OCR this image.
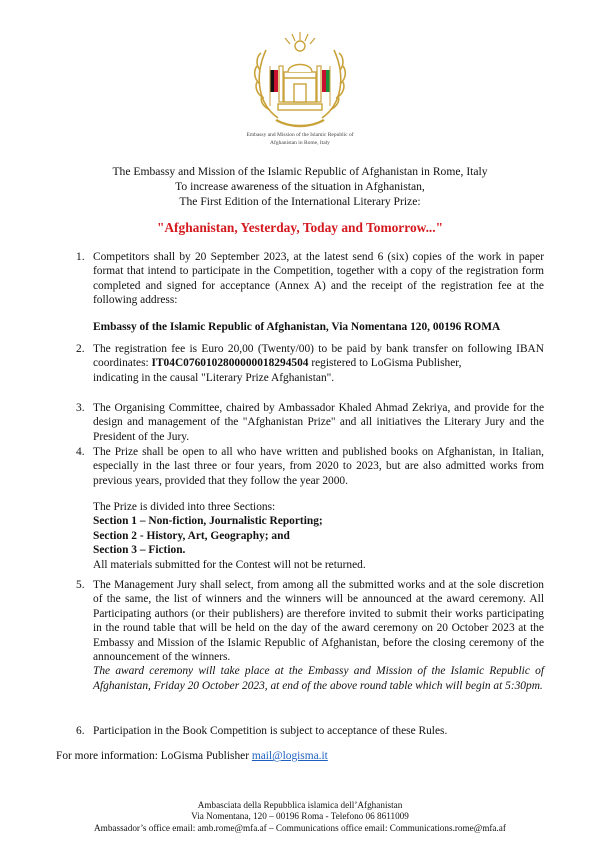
Embassy and Mission of the Islamic Republic of
Afghanistan in Rome, Italy
The Embassy and Mission of the Islamic Republic of Afghanistan in Rome, Italy
To increase awareness of the situation in Afghanistan,
The First Edition of the International Literary Prize:
"Afghanistan, Yesterday, Today and Tomorrow..."
1. Competitors shall by 20 September 2023, at the latest send 6 (six) copies of the work in paper format that intend to participate in the Competition, together with a copy of the registration form completed and signed for acceptance (Annex A) and the receipt of the registration fee at the following address:
Embassy of the Islamic Republic of Afghanistan, Via Nomentana 120, 00196 ROMA
2. The registration fee is Euro 20,00 (Twenty/00) to be paid by bank transfer on following IBAN coordinates: IT04C0760102800000018294504 registered to LoGisma Publisher,
indicating in the causal "Literary Prize Afghanistan".
3. The Organising Committee, chaired by Ambassador Khaled Ahmad Zekriya, and provide for the design and management of the "Afghanistan Prize" and all initiatives the Literary Jury and the President of the Jury.
4. The Prize shall be open to all who have written and published books on Afghanistan, in Italian, especially in the last three or four years, from 2020 to 2023, but are also admitted works from previous years, provided that they follow the year 2000.
The Prize is divided into three Sections:
Section 1 – Non-fiction, Journalistic Reporting;
Section 2 - History, Art, Geography; and
Section 3 – Fiction.
All materials submitted for the Contest will not be returned.
5. The Management Jury shall select, from among all the submitted works and at the sole discretion of the same, the list of winners and the winners will be announced at the award ceremony. All Participating authors (or their publishers) are therefore invited to submit their works participating in the round table that will be held on the day of the award ceremony on 20 October 2023 at the Embassy and Mission of the Islamic Republic of Afghanistan, before the closing ceremony of the announcement of the winners.
The award ceremony will take place at the Embassy and Mission of the Islamic Republic of Afghanistan, Friday 20 October 2023, at end of the above round table which will begin at 5:30pm.
6. Participation in the Book Competition is subject to acceptance of these Rules.
For more information: LoGisma Publisher mail@logisma.it
Ambasciata della Repubblica islamica dell’Afghanistan
Via Nomentana, 120 – 00196 Roma - Telefono 06 8611009
Ambassador’s office email: amb.rome@mfa.af – Communications office email: Communications.rome@mfa.af
